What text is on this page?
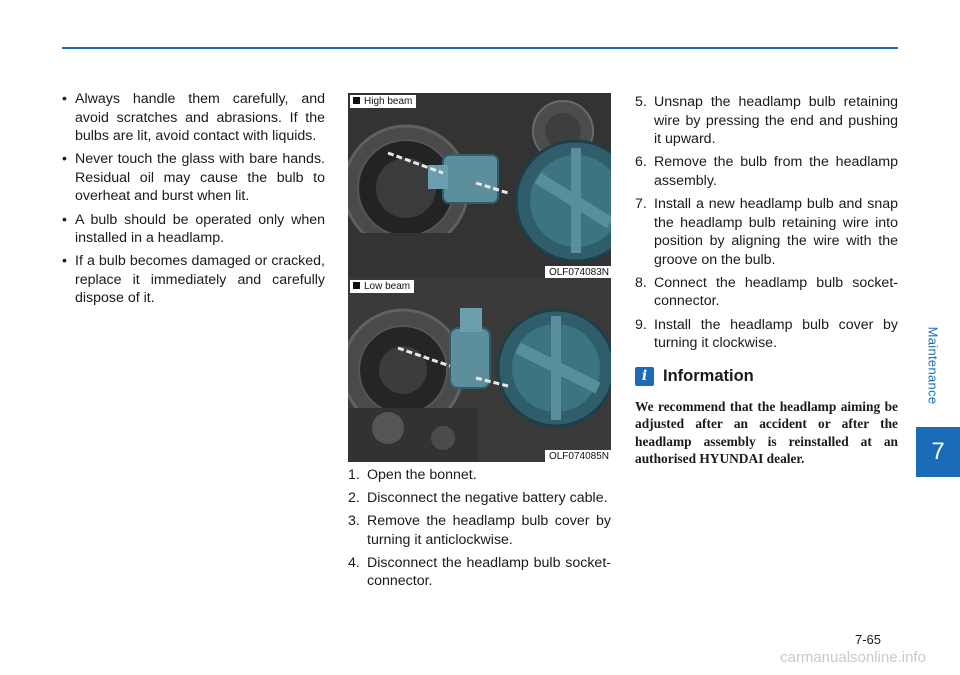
Maintenance
7
• Always handle them carefully, and avoid scratches and abrasions. If the bulbs are lit, avoid contact with liquids.
• Never touch the glass with bare hands. Residual oil may cause the bulb to overheat and burst when lit.
• A bulb should be operated only when installed in a headlamp.
• If a bulb becomes damaged or cracked, replace it immediately and carefully dispose of it.
High beam
OLF074083N
Low beam
OLF074085N
1. Open the bonnet.
2. Disconnect the negative battery cable.
3. Remove the headlamp bulb cover by turning it anticlockwise.
4. Disconnect the headlamp bulb socket-connector.
5. Unsnap the headlamp bulb retaining wire by pressing the end and pushing it upward.
6. Remove the bulb from the headlamp assembly.
7. Install a new headlamp bulb and snap the headlamp bulb retaining wire into position by aligning the wire with the groove on the bulb.
8. Connect the headlamp bulb socket-connector.
9. Install the headlamp bulb cover by turning it clockwise.
i Information
We recommend that the headlamp aiming be adjusted after an accident or after the headlamp assembly is reinstalled at an authorised HYUNDAI dealer.
7-65
carmanualsonline.info
